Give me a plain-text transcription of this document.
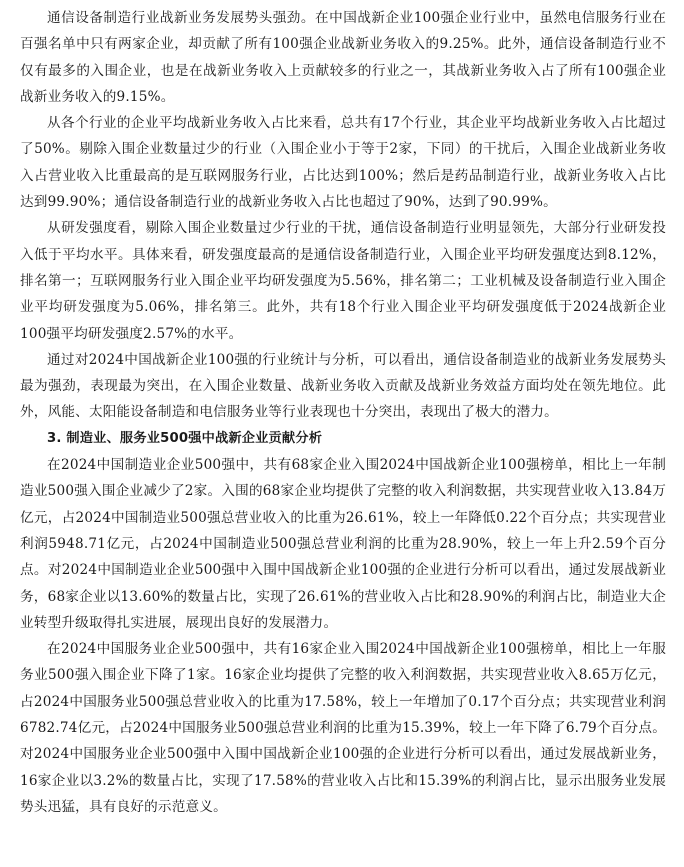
通信设备制造行业战新业务发展势头强劲。在中国战新企业100强企业行业中，虽然电信服务行业在百强名单中只有两家企业，却贡献了所有100强企业战新业务收入的9.25%。此外，通信设备制造行业不仅有最多的入围企业，也是在战新业务收入上贡献较多的行业之一，其战新业务收入占了所有100强企业战新业务收入的9.15%。

从各个行业的企业平均战新业务收入占比来看，总共有17个行业，其企业平均战新业务收入占比超过了50%。剔除入围企业数量过少的行业（入围企业小于等于2家，下同）的干扰后，入围企业战新业务收入占营业收入比重最高的是互联网服务行业，占比达到100%；然后是药品制造行业，战新业务收入占比达到99.90%；通信设备制造行业的战新业务收入占比也超过了90%，达到了90.99%。

从研发强度看，剔除入围企业数量过少行业的干扰，通信设备制造行业明显领先，大部分行业研发投入低于平均水平。具体来看，研发强度最高的是通信设备制造行业，入围企业平均研发强度达到8.12%，排名第一；互联网服务行业入围企业平均研发强度为5.56%，排名第二；工业机械及设备制造行业入围企业平均研发强度为5.06%，排名第三。此外，共有18个行业入围企业平均研发强度低于2024战新企业100强平均研发强度2.57%的水平。

通过对2024中国战新企业100强的行业统计与分析，可以看出，通信设备制造业的战新业务发展势头最为强劲，表现最为突出，在入围企业数量、战新业务收入贡献及战新业务效益方面均处在领先地位。此外，风能、太阳能设备制造和电信服务业等行业表现也十分突出，表现出了极大的潜力。

3. 制造业、服务业500强中战新企业贡献分析

在2024中国制造业企业500强中，共有68家企业入围2024中国战新企业100强榜单，相比上一年制造业500强入围企业减少了2家。入围的68家企业均提供了完整的收入利润数据，共实现营业收入13.84万亿元，占2024中国制造业500强总营业收入的比重为26.61%，较上一年降低0.22个百分点；共实现营业利润5948.71亿元，占2024中国制造业500强总营业利润的比重为28.90%，较上一年上升2.59个百分点。对2024中国制造业企业500强中入围中国战新企业100强的企业进行分析可以看出，通过发展战新业务，68家企业以13.60%的数量占比，实现了26.61%的营业收入占比和28.90%的利润占比，制造业大企业转型升级取得扎实进展，展现出良好的发展潜力。

在2024中国服务业企业500强中，共有16家企业入围2024中国战新企业100强榜单，相比上一年服务业500强入围企业下降了1家。16家企业均提供了完整的收入利润数据，共实现营业收入8.65万亿元，占2024中国服务业500强总营业收入的比重为17.58%，较上一年增加了0.17个百分点；共实现营业利润6782.74亿元，占2024中国服务业500强总营业利润的比重为15.39%，较上一年下降了6.79个百分点。对2024中国服务业企业500强中入围中国战新企业100强的企业进行分析可以看出，通过发展战新业务，16家企业以3.2%的数量占比，实现了17.58%的营业收入占比和15.39%的利润占比，显示出服务业发展势头迅猛，具有良好的示范意义。
